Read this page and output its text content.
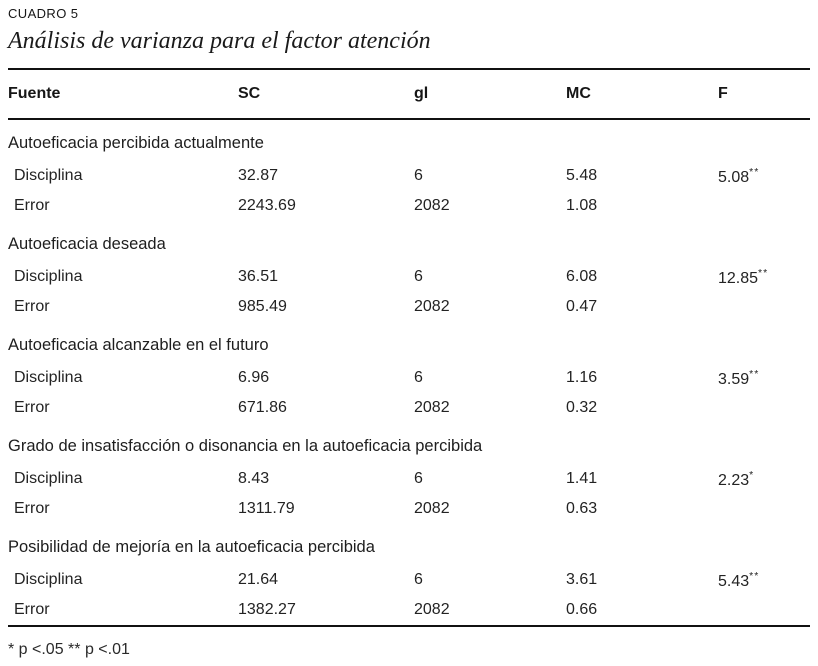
CUADRO 5
Análisis de varianza para el factor atención
Fuente	SC	gl	MC	F
Autoeficacia percibida actualmente
Disciplina	32.87	6	5.48	5.08**
Error	2243.69	2082	1.08
Autoeficacia deseada
Disciplina	36.51	6	6.08	12.85**
Error	985.49	2082	0.47
Autoeficacia alcanzable en el futuro
Disciplina	6.96	6	1.16	3.59**
Error	671.86	2082	0.32
Grado de insatisfacción o disonancia en la autoeficacia percibida
Disciplina	8.43	6	1.41	2.23*
Error	1311.79	2082	0.63
Posibilidad de mejoría en la autoeficacia percibida
Disciplina	21.64	6	3.61	5.43**
Error	1382.27	2082	0.66
* p <.05 ** p <.01
